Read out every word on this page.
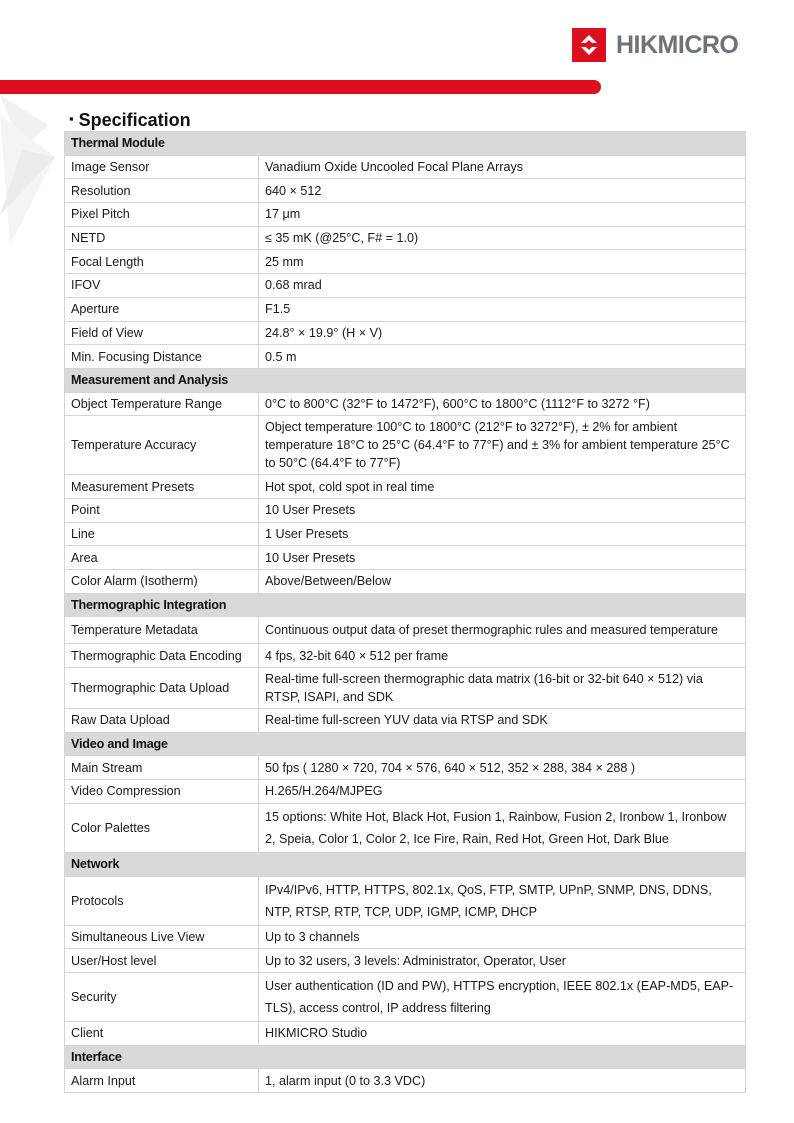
HIKMICRO
▪ Specification
Thermal Module	
Image Sensor	Vanadium Oxide Uncooled Focal Plane Arrays
Resolution	640 × 512
Pixel Pitch	17 μm
NETD	≤ 35 mK (@25°C, F# = 1.0)
Focal Length	25 mm
IFOV	0.68 mrad
Aperture	F1.5
Field of View	24.8° × 19.9° (H × V)
Min. Focusing Distance	0.5 m
Measurement and Analysis	
Object Temperature Range	0°C to 800°C (32°F to 1472°F), 600°C to 1800°C (1112°F to 3272 °F)
Temperature Accuracy	Object temperature 100°C to 1800°C (212°F to 3272°F), ± 2% for ambient temperature 18°C to 25°C (64.4°F to 77°F) and ± 3% for ambient temperature 25°C to 50°C (64.4°F to 77°F)
Measurement Presets	Hot spot, cold spot in real time
Point	10 User Presets
Line	1 User Presets
Area	10 User Presets
Color Alarm (Isotherm)	Above/Between/Below
Thermographic Integration	
Temperature Metadata	Continuous output data of preset thermographic rules and measured temperature
Thermographic Data Encoding	4 fps, 32-bit 640 × 512 per frame
Thermographic Data Upload	Real-time full-screen thermographic data matrix (16-bit or 32-bit 640 × 512) via RTSP, ISAPI, and SDK
Raw Data Upload	Real-time full-screen YUV data via RTSP and SDK
Video and Image	
Main Stream	50 fps ( 1280 × 720, 704 × 576, 640 × 512, 352 × 288, 384 × 288 )
Video Compression	H.265/H.264/MJPEG
Color Palettes	15 options: White Hot, Black Hot, Fusion 1, Rainbow, Fusion 2, Ironbow 1, Ironbow 2, Speia, Color 1, Color 2, Ice Fire, Rain, Red Hot, Green Hot, Dark Blue
Network	
Protocols	IPv4/IPv6, HTTP, HTTPS, 802.1x, QoS, FTP, SMTP, UPnP, SNMP, DNS, DDNS, NTP, RTSP, RTP, TCP, UDP, IGMP, ICMP, DHCP
Simultaneous Live View	Up to 3 channels
User/Host level	Up to 32 users, 3 levels: Administrator, Operator, User
Security	User authentication (ID and PW), HTTPS encryption, IEEE 802.1x (EAP-MD5, EAP-TLS), access control, IP address filtering
Client	HIKMICRO Studio
Interface	
Alarm Input	1, alarm input (0 to 3.3 VDC)
